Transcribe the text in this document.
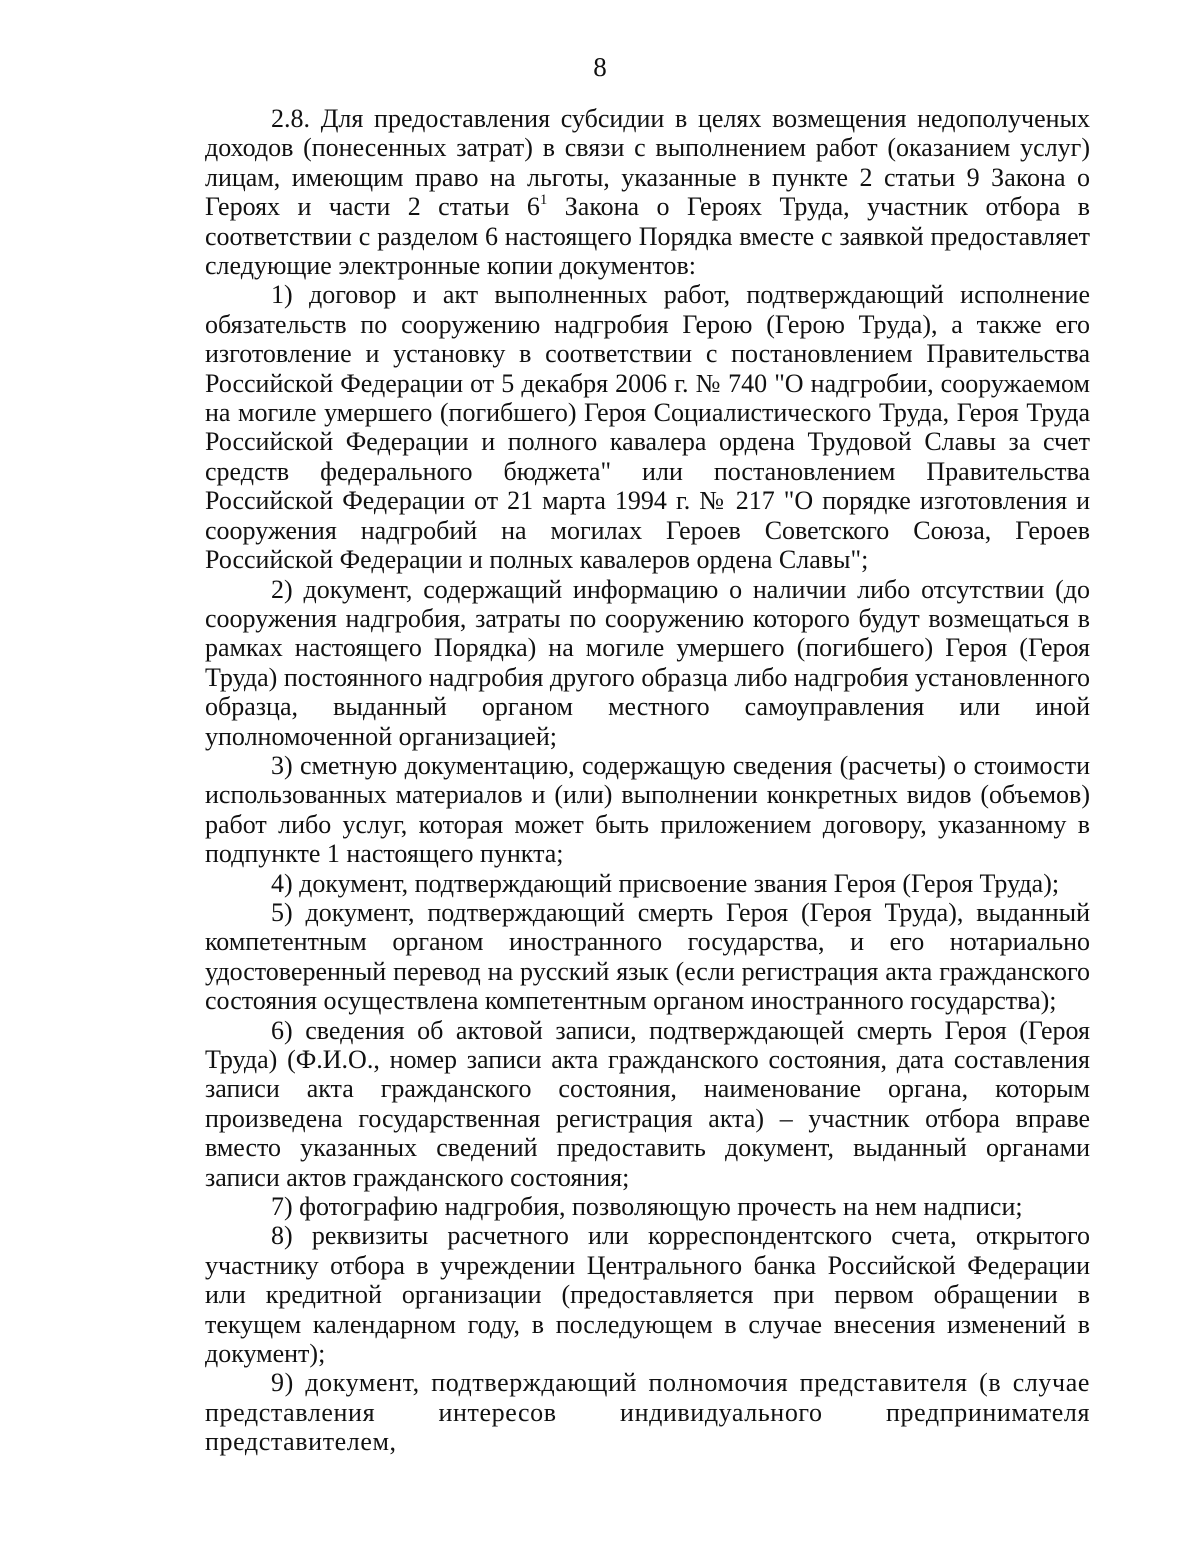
8

2.8. Для предоставления субсидии в целях возмещения недополученых доходов (понесенных затрат) в связи с выполнением работ (оказанием услуг) лицам, имеющим право на льготы, указанные в пункте 2 статьи 9 Закона о Героях и части 2 статьи $6^1$ Закона о Героях Труда, участник отбора в соответствии с разделом 6 настоящего Порядка вместе с заявкой предоставляет следующие электронные копии документов:

1) договор и акт выполненных работ, подтверждающий исполнение обязательств по сооружению надгробия Герою (Герою Труда), а также его изготовление и установку в соответствии с постановлением Правительства Российской Федерации от 5 декабря 2006 г. № 740 "О надгробии, сооружаемом на могиле умершего (погибшего) Героя Социалистического Труда, Героя Труда Российской Федерации и полного кавалера ордена Трудовой Славы за счет средств федерального бюджета" или постановлением Правительства Российской Федерации от 21 марта 1994 г. № 217 "О порядке изготовления и сооружения надгробий на могилах Героев Советского Союза, Героев Российской Федерации и полных кавалеров ордена Славы";

2) документ, содержащий информацию о наличии либо отсутствии (до сооружения надгробия, затраты по сооружению которого будут возмещаться в рамках настоящего Порядка) на могиле умершего (погибшего) Героя (Героя Труда) постоянного надгробия другого образца либо надгробия установленного образца, выданный органом местного самоуправления или иной уполномоченной организацией;

3) сметную документацию, содержащую сведения (расчеты) о стоимости использованных материалов и (или) выполнении конкретных видов (объемов) работ либо услуг, которая может быть приложением договору, указанному в подпункте 1 настоящего пункта;

4) документ, подтверждающий присвоение звания Героя (Героя Труда);

5) документ, подтверждающий смерть Героя (Героя Труда), выданный компетентным органом иностранного государства, и его нотариально удостоверенный перевод на русский язык (если регистрация акта гражданского состояния осуществлена компетентным органом иностранного государства);

6) сведения об актовой записи, подтверждающей смерть Героя (Героя Труда) (Ф.И.О., номер записи акта гражданского состояния, дата составления записи акта гражданского состояния, наименование органа, которым произведена государственная регистрация акта) – участник отбора вправе вместо указанных сведений предоставить документ, выданный органами записи актов гражданского состояния;

7) фотографию надгробия, позволяющую прочесть на нем надписи;

8) реквизиты расчетного или корреспондентского счета, открытого участнику отбора в учреждении Центрального банка Российской Федерации или кредитной организации (предоставляется при первом обращении в текущем календарном году, в последующем в случае внесения изменений в документ);

9) документ, подтверждающий полномочия представителя (в случае представления интересов индивидуального предпринимателя представителем,
